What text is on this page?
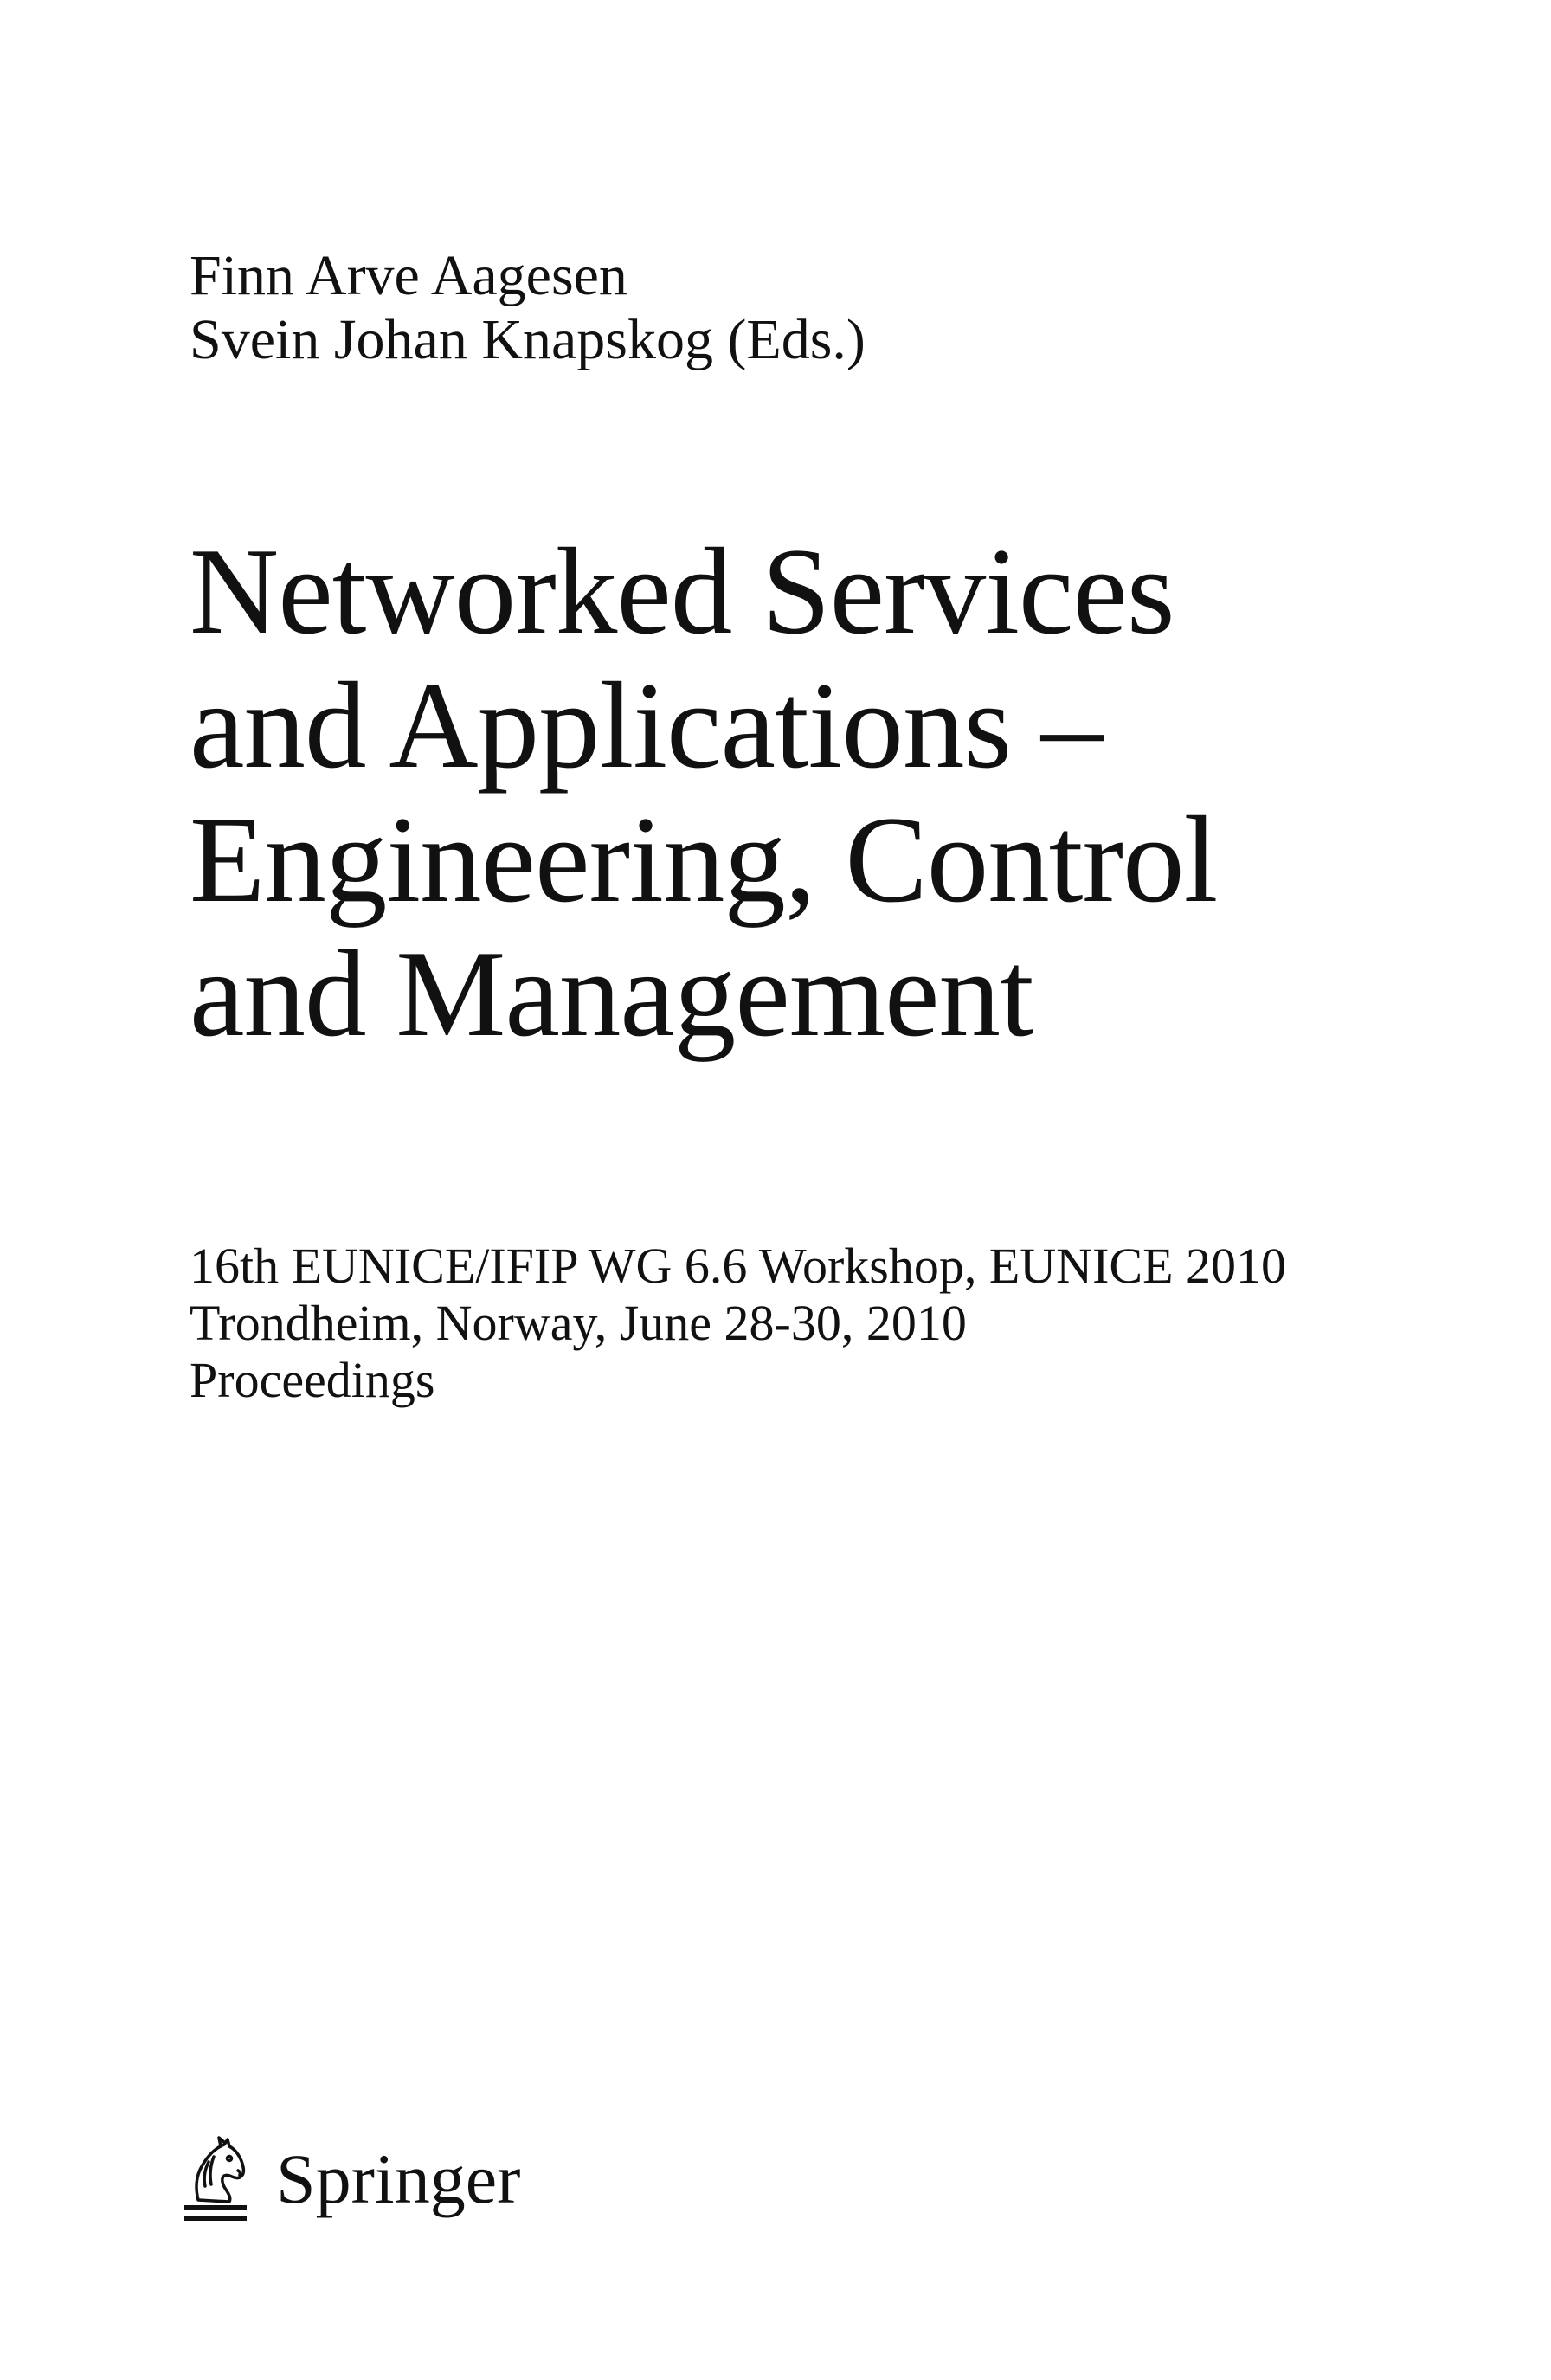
Finn Arve Aagesen
Svein Johan Knapskog (Eds.)
Networked Services
and Applications –
Engineering, Control
and Management
16th EUNICE/IFIP WG 6.6 Workshop, EUNICE 2010
Trondheim, Norway, June 28-30, 2010
Proceedings
Springer
